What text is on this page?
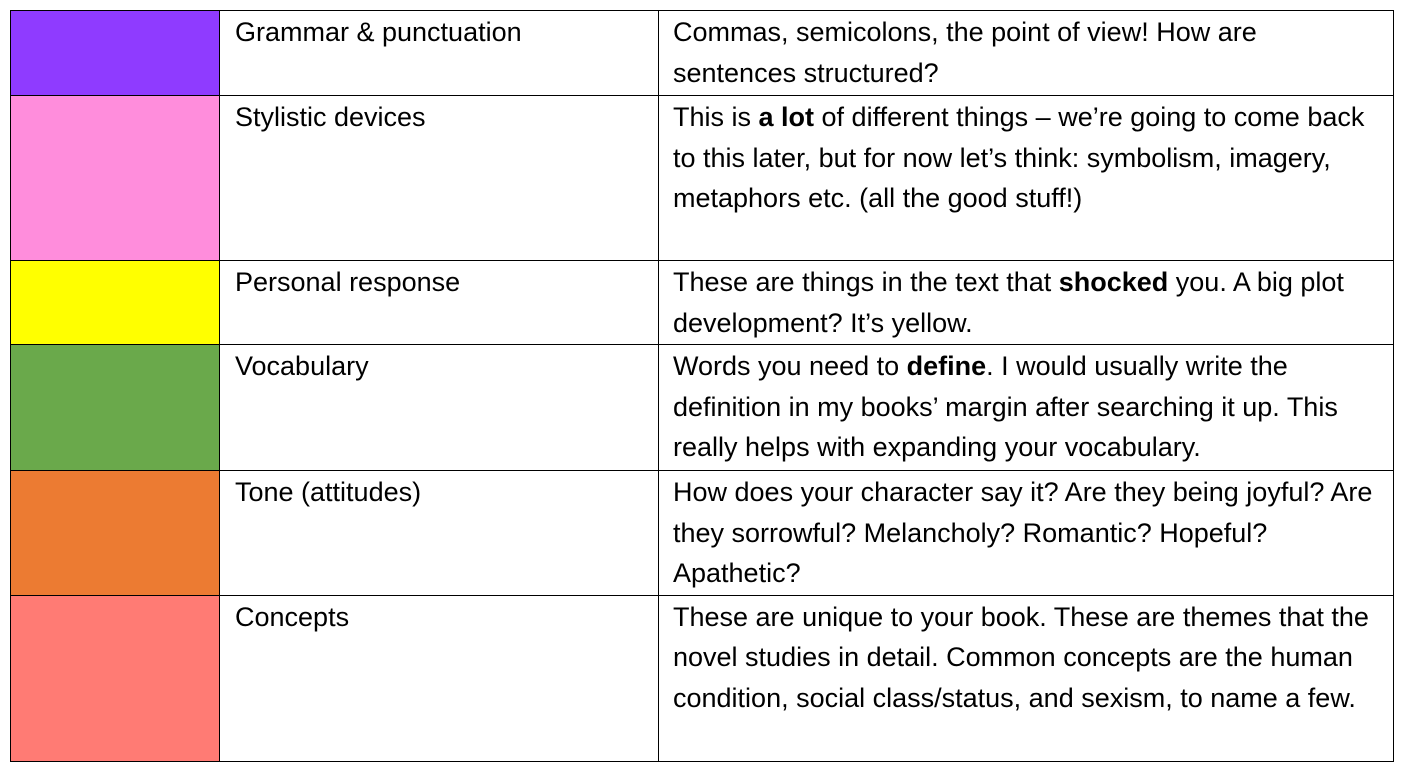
	Grammar & punctuation	Commas, semicolons, the point of view! How are sentences structured?
	Stylistic devices	This is a lot of different things – we’re going to come back to this later, but for now let’s think: symbolism, imagery, metaphors etc. (all the good stuff!)
	Personal response	These are things in the text that shocked you. A big plot development? It’s yellow.
	Vocabulary	Words you need to define. I would usually write the definition in my books’ margin after searching it up. This really helps with expanding your vocabulary.
	Tone (attitudes)	How does your character say it? Are they being joyful? Are they sorrowful? Melancholy? Romantic? Hopeful? Apathetic?
	Concepts	These are unique to your book. These are themes that the novel studies in detail. Common concepts are the human condition, social class/status, and sexism, to name a few.
